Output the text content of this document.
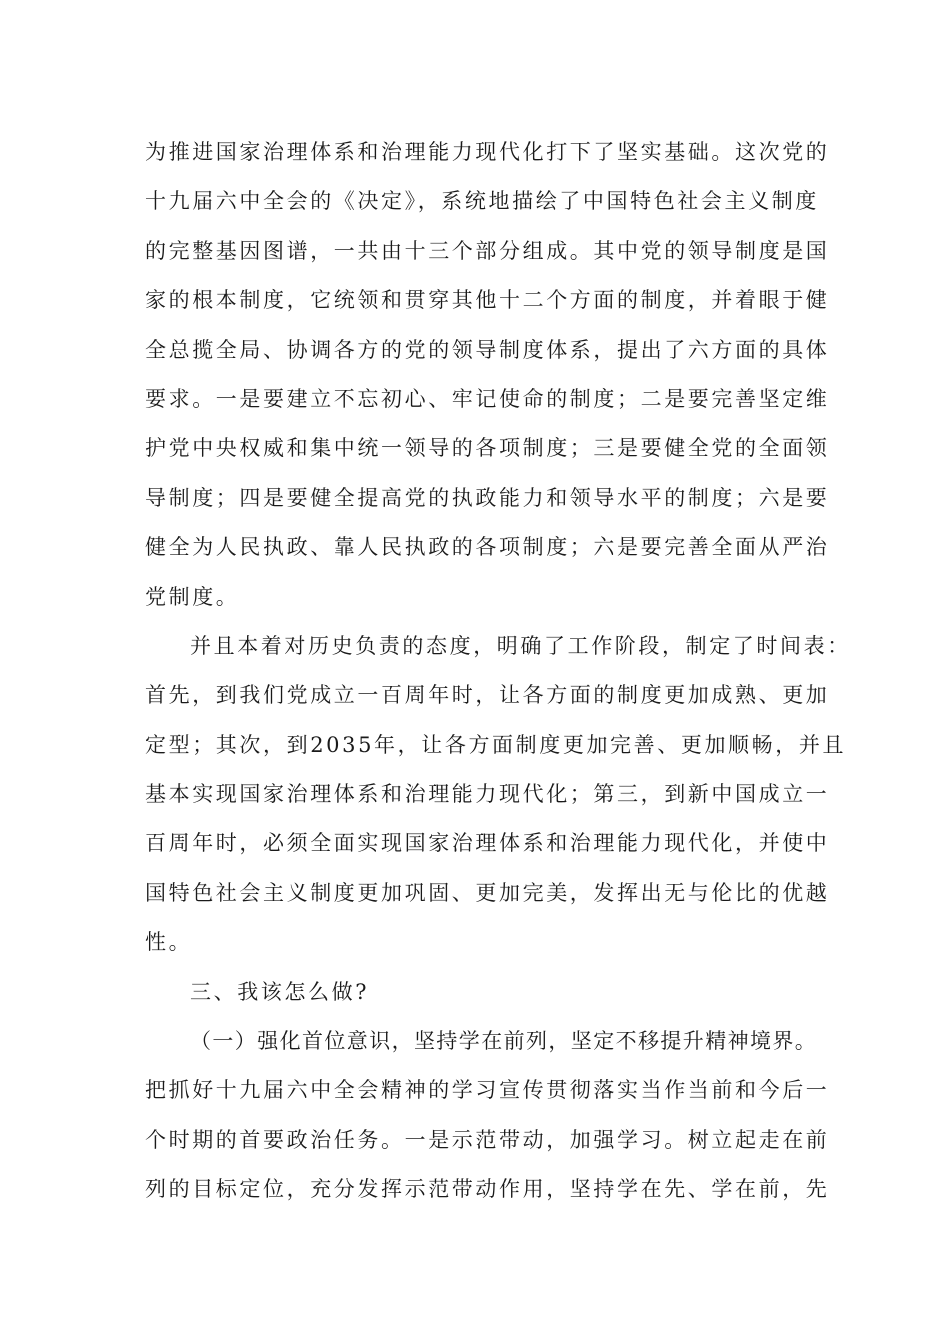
为推进国家治理体系和治理能力现代化打下了坚实基础。这次党的
十九届六中全会的《决定》，系统地描绘了中国特色社会主义制度
的完整基因图谱，一共由十三个部分组成。其中党的领导制度是国
家的根本制度，它统领和贯穿其他十二个方面的制度，并着眼于健
全总揽全局、协调各方的党的领导制度体系，提出了六方面的具体
要求。一是要建立不忘初心、牢记使命的制度；二是要完善坚定维
护党中央权威和集中统一领导的各项制度；三是要健全党的全面领
导制度；四是要健全提高党的执政能力和领导水平的制度；六是要
健全为人民执政、靠人民执政的各项制度；六是要完善全面从严治
党制度。
并且本着对历史负责的态度，明确了工作阶段，制定了时间表：
首先，到我们党成立一百周年时，让各方面的制度更加成熟、更加
定型；其次，到2035年，让各方面制度更加完善、更加顺畅，并且
基本实现国家治理体系和治理能力现代化；第三，到新中国成立一
百周年时，必须全面实现国家治理体系和治理能力现代化，并使中
国特色社会主义制度更加巩固、更加完美，发挥出无与伦比的优越
性。
三、我该怎么做?
（一）强化首位意识，坚持学在前列，坚定不移提升精神境界。
把抓好十九届六中全会精神的学习宣传贯彻落实当作当前和今后一
个时期的首要政治任务。一是示范带动，加强学习。树立起走在前
列的目标定位，充分发挥示范带动作用，坚持学在先、学在前，先
